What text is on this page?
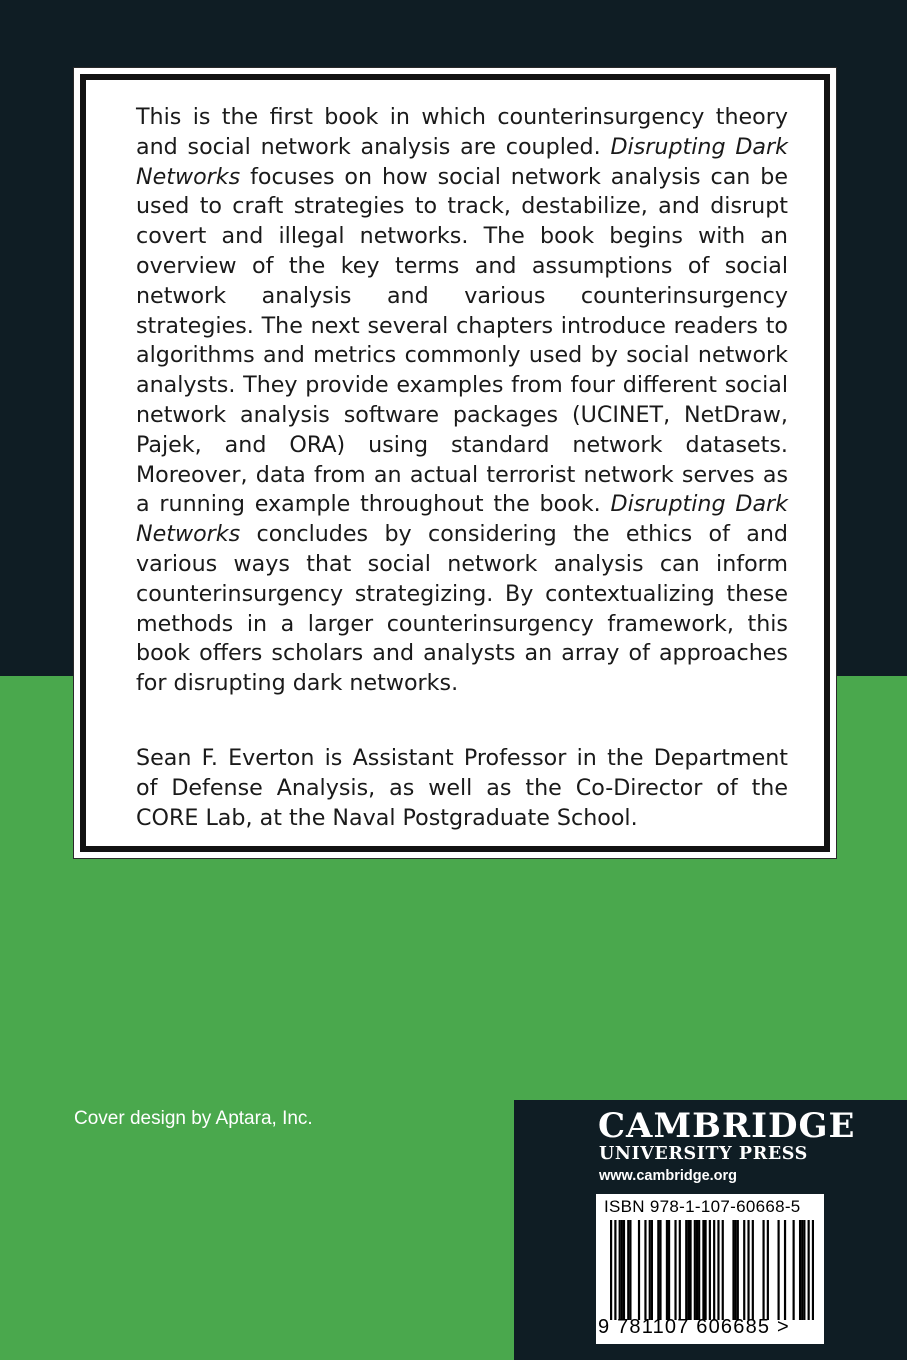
This is the first book in which counterinsurgency theory and social network analysis are coupled. Disrupting Dark Networks focuses on how social network analysis can be used to craft strategies to track, destabilize, and disrupt covert and illegal networks. The book begins with an overview of the key terms and assumptions of social network analysis and various counterinsurgency strategies. The next several chapters introduce readers to algorithms and metrics commonly used by social network analysts. They provide examples from four different social network analysis software packages (UCINET, NetDraw, Pajek, and ORA) using standard network datasets. Moreover, data from an actual terrorist network serves as a running example throughout the book. Disrupting Dark Networks concludes by considering the ethics of and various ways that social network analysis can inform counterinsurgency strategizing. By contextualizing these methods in a larger counterinsurgency framework, this book offers scholars and analysts an array of approaches for disrupting dark networks.

Sean F. Everton is Assistant Professor in the Department of Defense Analysis, as well as the Co-Director of the CORE Lab, at the Naval Postgraduate School.

Cover design by Aptara, Inc.	CAMBRIDGE
UNIVERSITY PRESS
www.cambridge.org
ISBN 978-1-107-60668-5
9 781107 606685 >
